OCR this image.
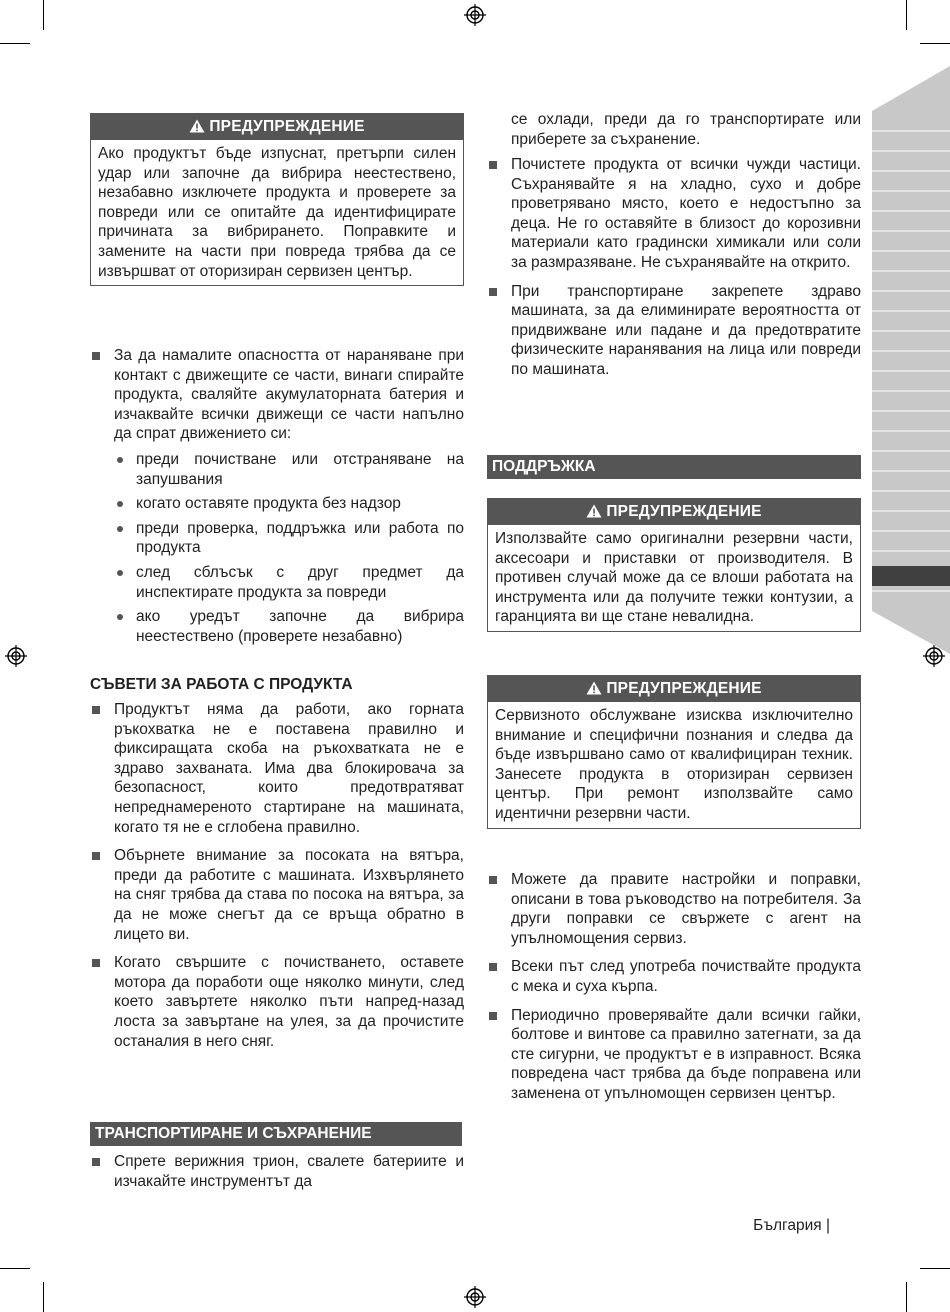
ПРЕДУПРЕЖДЕНИЕ
Ако продуктът бъде изпуснат, претърпи силен удар или започне да вибрира неестествено, незабавно изключете продукта и проверете за повреди или се опитайте да идентифицирате причината за вибрирането. Поправките и замените на части при повреда трябва да се извършват от оторизиран сервизен център.
За да намалите опасността от нараняване при контакт с движещите се части, винаги спирайте продукта, сваляйте акумулаторната батерия и изчаквайте всички движещи се части напълно да спрат движението си:
преди почистване или отстраняване на запушвания
когато оставяте продукта без надзор
преди проверка, поддръжка или работа по продукта
след сблъсък с друг предмет да инспектирате продукта за повреди
ако уредът започне да вибрира неестествено (проверете незабавно)
СЪВЕТИ ЗА РАБОТА С ПРОДУКТА
Продуктът няма да работи, ако горната ръкохватка не е поставена правилно и фиксиращата скоба на ръкохватката не е здраво захваната. Има два блокировача за безопасност, които предотвратяват непреднамереното стартиране на машината, когато тя не е сглобена правилно.
Обърнете внимание за посоката на вятъра, преди да работите с машината. Изхвърлянето на сняг трябва да става по посока на вятъра, за да не може снегът да се връща обратно в лицето ви.
Когато свършите с почистването, оставете мотора да поработи още няколко минути, след което завъртете няколко пъти напред-назад лоста за завъртане на улея, за да прочистите останалия в него сняг.
ТРАНСПОРТИРАНЕ И СЪХРАНЕНИЕ
Спрете верижния трион, свалете батериите и изчакайте инструментът да
се охлади, преди да го транспортирате или приберете за съхранение.
Почистете продукта от всички чужди частици. Съхранявайте я на хладно, сухо и добре проветрявано място, което е недостъпно за деца. Не го оставяйте в близост до корозивни материали като градински химикали или соли за размразяване. Не съхранявайте на открито.
При транспортиране закрепете здраво машината, за да елиминирате вероятността от придвижване или падане и да предотвратите физическите наранявания на лица или повреди по машината.
ПОДДРЪЖКА
ПРЕДУПРЕЖДЕНИЕ
Използвайте само оригинални резервни части, аксесоари и приставки от производителя. В противен случай може да се влоши работата на инструмента или да получите тежки контузии, а гаранцията ви ще стане невалидна.
ПРЕДУПРЕЖДЕНИЕ
Сервизното обслужване изисква изключително внимание и специфични познания и следва да бъде извършвано само от квалифициран техник. Занесете продукта в оторизиран сервизен център. При ремонт използвайте само идентични резервни части.
Можете да правите настройки и поправки, описани в това ръководство на потребителя. За други поправки се свържете с агент на упълномощения сервиз.
Всеки път след употреба почиствайте продукта с мека и суха кърпа.
Периодично проверявайте дали всички гайки, болтове и винтове са правилно затегнати, за да сте сигурни, че продуктът е в изправност. Всяка повредена част трябва да бъде поправена или заменена от упълномощен сервизен център.
България |
